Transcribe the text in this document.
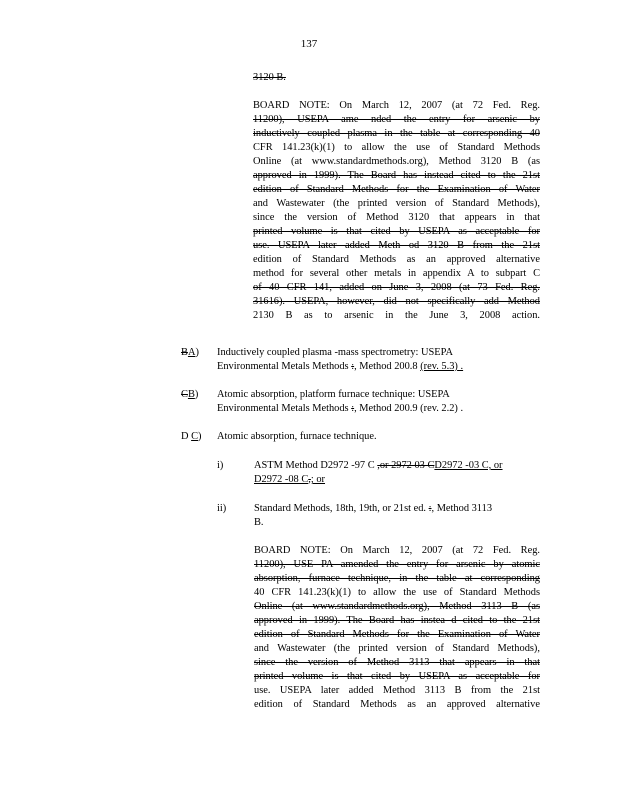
137
3120 B.
BOARD NOTE: On March 12, 2007 (at 72 Fed. Reg.
11200), USEPA ame nded the entry for arsenic by
inductively coupled plasma in the table at corresponding 40
CFR 141.23(k)(1) to allow the use of Standard Methods
Online (at www.standardmethods.org), Method 3120 B (as
approved in 1999). The Board has instead cited to the 21st
edition of Standard Methods for the Examination of Water
and Wastewater (the printed version of Standard Methods),
since the version of Method 3120 that appears in that
printed volume is that cited by USEPA as acceptable for
use. USEPA later added Meth od 3120 B from the 21st
edition of Standard Methods as an approved alternative
method for several other metals in appendix A to subpart C
of 40 CFR 141, added on June 3, 2008 (at 73 Fed. Reg.
31616). USEPA, however, did not specifically add Method
2130 B as to arsenic in the June 3, 2008 action.
BA) Inductively coupled plasma -mass spectrometry: USEPA
Environmental Metals Methods :, Method 200.8 (rev. 5.3) .
CB) Atomic absorption, platform furnace technique: USEPA
Environmental Metals Methods :, Method 200.9 (rev. 2.2) .
D C) Atomic absorption, furnace technique.
i)	ASTM Method D2972 -97 C ,or 2972 03 CD2972 -03 C, or
D2972 -08 C,; or
ii)	Standard Methods, 18th, 19th, or 21st ed. :, Method 3113
B.
BOARD NOTE: On March 12, 2007 (at 72 Fed. Reg.
11200), USE PA amended the entry for arsenic by atomic
absorption, furnace technique, in the table at corresponding
40 CFR 141.23(k)(1) to allow the use of Standard Methods
Online (at www.standardmethods.org), Method 3113 B (as
approved in 1999). The Board has instea d cited to the 21st
edition of Standard Methods for the Examination of Water
and Wastewater (the printed version of Standard Methods),
since the version of Method 3113 that appears in that
printed volume is that cited by USEPA as acceptable for
use. USEPA later added Method 3113 B from the 21st
edition of Standard Methods as an approved alternative
